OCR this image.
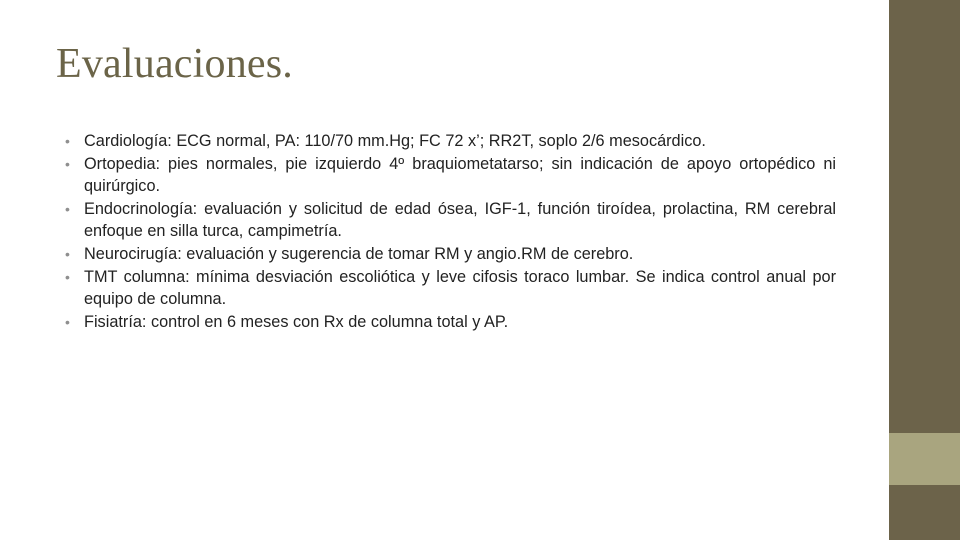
Evaluaciones.
• Cardiología: ECG normal, PA: 110/70 mm.Hg; FC 72 x’; RR2T, soplo 2/6 mesocárdico.
• Ortopedia: pies normales, pie izquierdo 4º braquiometatarso; sin indicación de apoyo ortopédico ni quirúrgico.
• Endocrinología: evaluación y solicitud de edad ósea, IGF-1, función tiroídea, prolactina, RM cerebral enfoque en silla turca, campimetría.
• Neurocirugía: evaluación y sugerencia de tomar RM y angio.RM de cerebro.
• TMT columna: mínima desviación escoliótica y leve cifosis toraco lumbar. Se indica control anual por equipo de columna.
• Fisiatría: control en 6 meses con Rx de columna total y AP.
